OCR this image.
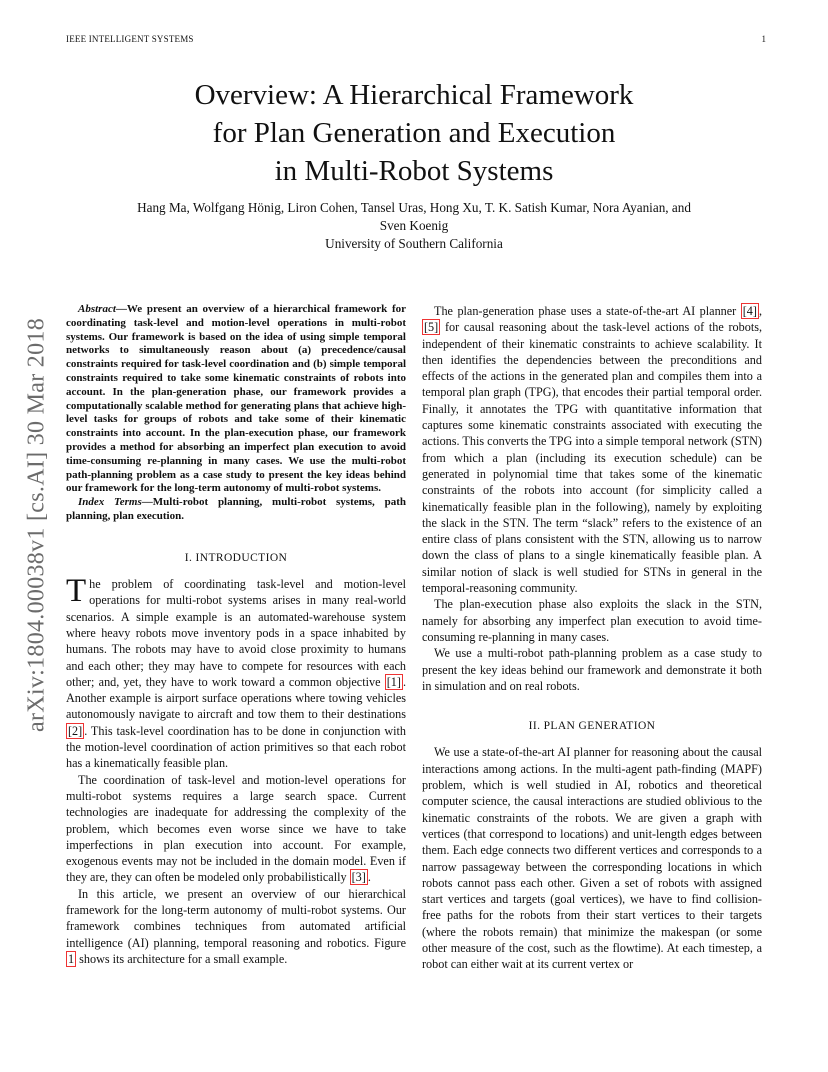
IEEE INTELLIGENT SYSTEMS	1
arXiv:1804.00038v1 [cs.AI] 30 Mar 2018
Overview: A Hierarchical Framework
for Plan Generation and Execution
in Multi-Robot Systems
Hang Ma, Wolfgang Hönig, Liron Cohen, Tansel Uras, Hong Xu, T. K. Satish Kumar, Nora Ayanian, and
Sven Koenig
University of Southern California

Abstract—We present an overview of a hierarchical framework for coordinating task-level and motion-level operations in multi-robot systems. Our framework is based on the idea of using simple temporal networks to simultaneously reason about (a) precedence/causal constraints required for task-level coordination and (b) simple temporal constraints required to take some kinematic constraints of robots into account. In the plan-generation phase, our framework provides a computationally scalable method for generating plans that achieve high-level tasks for groups of robots and take some of their kinematic constraints into account. In the plan-execution phase, our framework provides a method for absorbing an imperfect plan execution to avoid time-consuming re-planning in many cases. We use the multi-robot path-planning problem as a case study to present the key ideas behind our framework for the long-term autonomy of multi-robot systems.

Index Terms—Multi-robot planning, multi-robot systems, path planning, plan execution.

I. INTRODUCTION

The problem of coordinating task-level and motion-level operations for multi-robot systems arises in many real-world scenarios. A simple example is an automated-warehouse system where heavy robots move inventory pods in a space inhabited by humans. The robots may have to avoid close proximity to humans and each other; they may have to compete for resources with each other; and, yet, they have to work toward a common objective [1] . Another example is airport surface operations where towing vehicles autonomously navigate to aircraft and tow them to their destinations [2] . This task-level coordination has to be done in conjunction with the motion-level coordination of action primitives so that each robot has a kinematically feasible plan.

The coordination of task-level and motion-level operations for multi-robot systems requires a large search space. Current technologies are inadequate for addressing the complexity of the problem, which becomes even worse since we have to take imperfections in plan execution into account. For example, exogenous events may not be included in the domain model. Even if they are, they can often be modeled only probabilistically [3] .

In this article, we present an overview of our hierarchical framework for the long-term autonomy of multi-robot systems. Our framework combines techniques from automated artificial intelligence (AI) planning, temporal reasoning and robotics. Figure 1 shows its architecture for a small example.

The plan-generation phase uses a state-of-the-art AI planner [4] , [5] for causal reasoning about the task-level actions of the robots, independent of their kinematic constraints to achieve scalability. It then identifies the dependencies between the preconditions and effects of the actions in the generated plan and compiles them into a temporal plan graph (TPG), that encodes their partial temporal order. Finally, it annotates the TPG with quantitative information that captures some kinematic constraints associated with executing the actions. This converts the TPG into a simple temporal network (STN) from which a plan (including its execution schedule) can be generated in polynomial time that takes some of the kinematic constraints of the robots into account (for simplicity called a kinematically feasible plan in the following), namely by exploiting the slack in the STN. The term “slack” refers to the existence of an entire class of plans consistent with the STN, allowing us to narrow down the class of plans to a single kinematically feasible plan. A similar notion of slack is well studied for STNs in general in the temporal-reasoning community.

The plan-execution phase also exploits the slack in the STN, namely for absorbing any imperfect plan execution to avoid time-consuming re-planning in many cases.

We use a multi-robot path-planning problem as a case study to present the key ideas behind our framework and demonstrate it both in simulation and on real robots.

II. PLAN GENERATION

We use a state-of-the-art AI planner for reasoning about the causal interactions among actions. In the multi-agent path-finding (MAPF) problem, which is well studied in AI, robotics and theoretical computer science, the causal interactions are studied oblivious to the kinematic constraints of the robots. We are given a graph with vertices (that correspond to locations) and unit-length edges between them. Each edge connects two different vertices and corresponds to a narrow passageway between the corresponding locations in which robots cannot pass each other. Given a set of robots with assigned start vertices and targets (goal vertices), we have to find collision-free paths for the robots from their start vertices to their targets (where the robots remain) that minimize the makespan (or some other measure of the cost, such as the flowtime). At each timestep, a robot can either wait at its current vertex or
